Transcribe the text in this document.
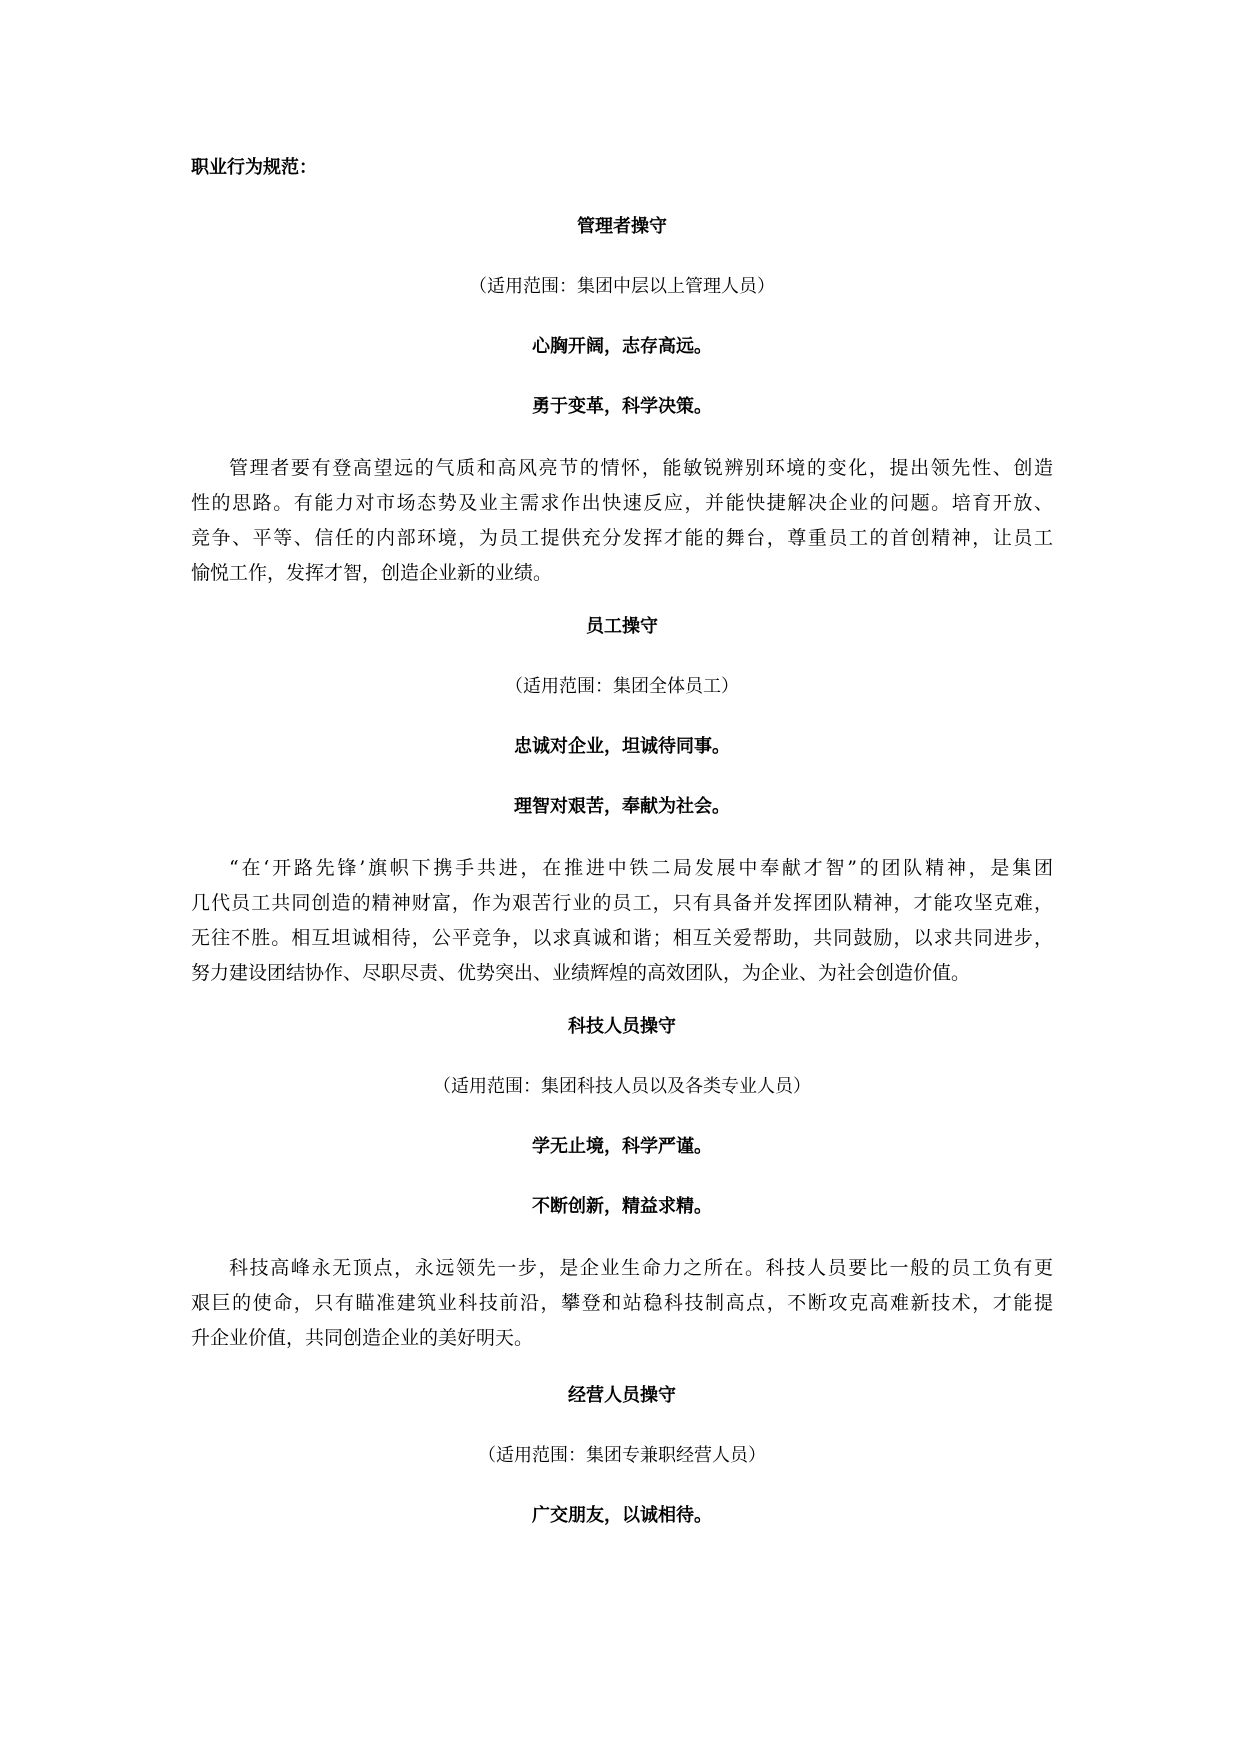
职业行为规范：
管理者操守
（适用范围：集团中层以上管理人员）
心胸开阔，志存高远。
勇于变革，科学决策。
管理者要有登高望远的气质和高风亮节的情怀，能敏锐辨别环境的变化，提出领先性、创造
性的思路。有能力对市场态势及业主需求作出快速反应，并能快捷解决企业的问题。培育开放、
竞争、平等、信任的内部环境，为员工提供充分发挥才能的舞台，尊重员工的首创精神，让员工
愉悦工作，发挥才智，创造企业新的业绩。
员工操守
（适用范围：集团全体员工）
忠诚对企业，坦诚待同事。
理智对艰苦，奉献为社会。
“在‘开路先锋’旗帜下携手共进，在推进中铁二局发展中奉献才智”的团队精神，是集团
几代员工共同创造的精神财富，作为艰苦行业的员工，只有具备并发挥团队精神，才能攻坚克难，
无往不胜。相互坦诚相待，公平竞争，以求真诚和谐；相互关爱帮助，共同鼓励，以求共同进步，
努力建设团结协作、尽职尽责、优势突出、业绩辉煌的高效团队，为企业、为社会创造价值。
科技人员操守
（适用范围：集团科技人员以及各类专业人员）
学无止境，科学严谨。
不断创新，精益求精。
科技高峰永无顶点，永远领先一步，是企业生命力之所在。科技人员要比一般的员工负有更
艰巨的使命，只有瞄准建筑业科技前沿，攀登和站稳科技制高点，不断攻克高难新技术，才能提
升企业价值，共同创造企业的美好明天。
经营人员操守
（适用范围：集团专兼职经营人员）
广交朋友，以诚相待。
